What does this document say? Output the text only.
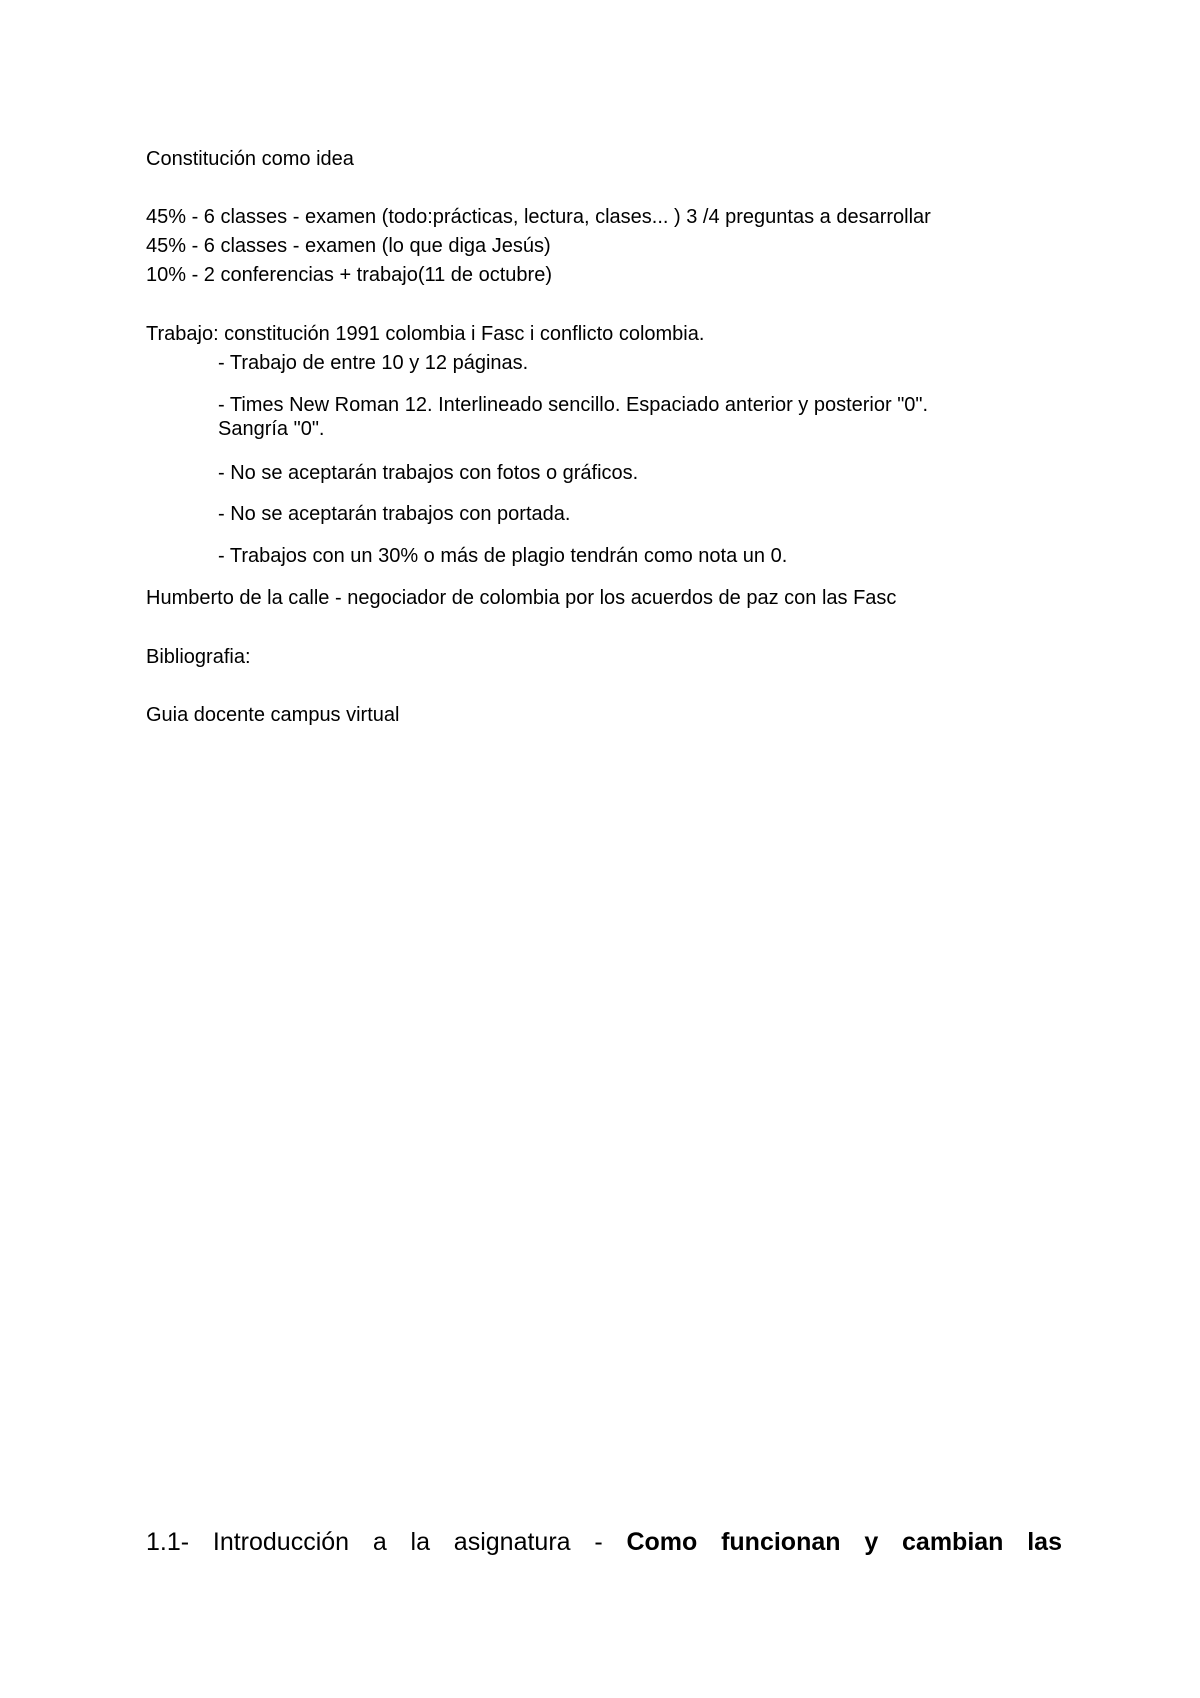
Constitución como idea

45% - 6 classes - examen (todo:prácticas, lectura, clases... ) 3 /4 preguntas a desarrollar

45% - 6 classes - examen (lo que diga Jesús)

10% - 2 conferencias + trabajo(11 de octubre)

Trabajo: constitución 1991 colombia i Fasc i conflicto colombia.

- Trabajo de entre 10 y 12 páginas.

- Times New Roman 12. Interlineado sencillo. Espaciado anterior y posterior "0".

Sangría "0".

- No se aceptarán trabajos con fotos o gráficos.

- No se aceptarán trabajos con portada.

- Trabajos con un 30% o más de plagio tendrán como nota un 0.

Humberto de la calle - negociador de colombia por los acuerdos de paz con las Fasc

Bibliografia:

Guia docente campus virtual

1.1- Introducción a la asignatura - Como funcionan y cambian las
